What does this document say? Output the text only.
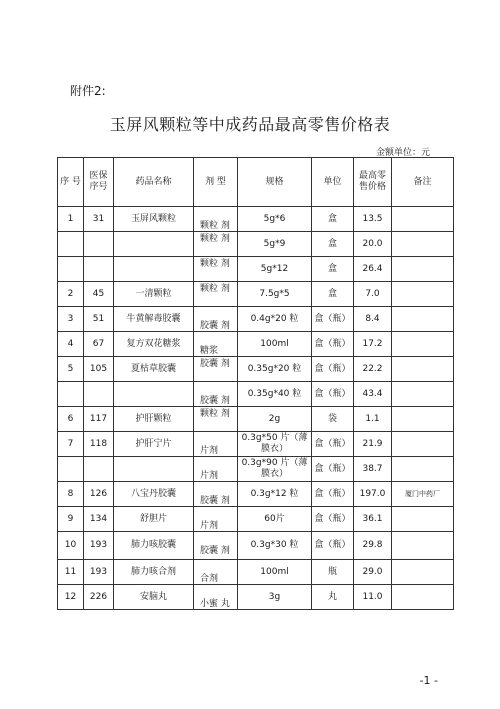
附件2:
玉屏风颗粒等中成药品最高零售价格表
金额单位：元
序 号	医保序号	药品名称	剂 型	规格	单位	最高零 售价格	备注
1	31	玉屏风颗粒	颗粒 剂	5g*6	盒	13.5	

			颗粒 剂	5g*9	盒	20.0	

			颗粒 剂	5g*12	盒	26.4	
2	45	一清颗粒	颗粒 剂	7.5g*5	盒	7.0	
3	51	牛黄解毒胶囊	胶囊 剂	0.4g*20 粒	盒（瓶）	8.4	
4	67	复方双花糖浆	糖浆	100ml	盒（瓶）	17.2	
5	105	夏枯草胶囊	胶囊 剂	0.35g*20 粒	盒（瓶）	22.2	

			胶囊 剂	0.35g*40 粒	盒（瓶）	43.4	
6	117	护肝颗粒	颗粒 剂	2g	袋	1.1	
7	118	护肝宁片	片剂	0.3g*50 片（薄膜衣）	盒（瓶）	21.9	

			片剂	0.3g*90 片（薄膜衣）	盒（瓶）	38.7	
8	126	八宝丹胶囊	胶囊 剂	0.3g*12 粒	盒（瓶）	197.0	厦门中药厂
9	134	舒胆片	片剂	60片	盒（瓶）	36.1	
10	193	肺力咳胶囊	胶囊 剂	0.3g*30 粒	盒（瓶）	29.8	
11	193	肺力咳合剂	合剂	100ml	瓶	29.0	
12	226	安脑丸	小蜜 丸	3g	丸	11.0	
-1 -
